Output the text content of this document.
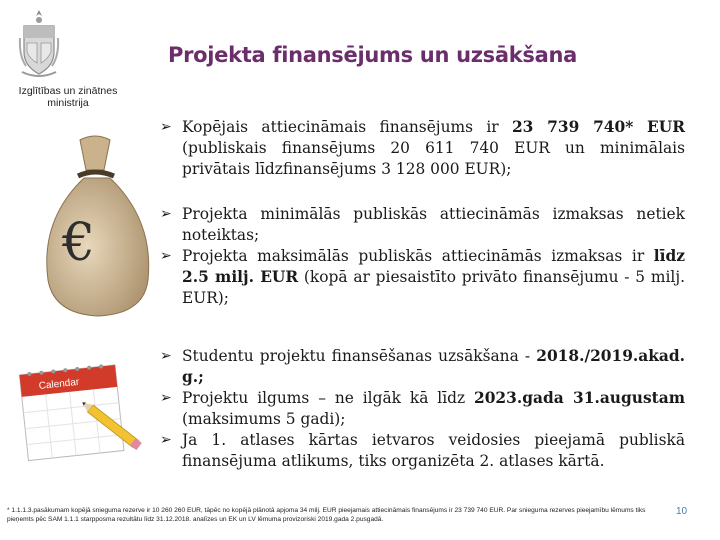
Izglītības un zinātnes
ministrija
€
Calendar
Projekta finansējums un uzsākšana
➢ Kopējais attiecināmais finansējums ir 23 739 740* EUR (publiskais finansējums 20 611 740 EUR un minimālais privātais līdzfinansējums 3 128 000 EUR);
➢ Projekta minimālās publiskās attiecināmās izmaksas netiek noteiktas;
➢ Projekta maksimālās publiskās attiecināmās izmaksas ir līdz 2.5 milj. EUR (kopā ar piesaistīto privāto finansējumu - 5 milj. EUR);
➢ Studentu projektu finansēšanas uzsākšana - 2018./2019.akad. g.;
➢ Projektu ilgums – ne ilgāk kā līdz 2023.gada 31.augustam (maksimums 5 gadi);
➢ Ja 1. atlases kārtas ietvaros veidosies pieejamā publiskā finansējuma atlikums, tiks organizēta 2. atlases kārtā.
* 1.1.1.3.pasākumam kopējā snieguma rezerve ir 10 260 260 EUR, tāpēc no kopējā plānotā apjoma 34 milj. EUR pieejamais attiecināmais finansējums ir 23 739 740 EUR. Par snieguma rezerves pieejamību lēmums tiks pieņemts pēc SAM 1.1.1 starpposma rezultātu līdz 31.12.2018. analīzes un EK un LV lēmuma provizoriski 2019.gada 2.pusgadā.
10
